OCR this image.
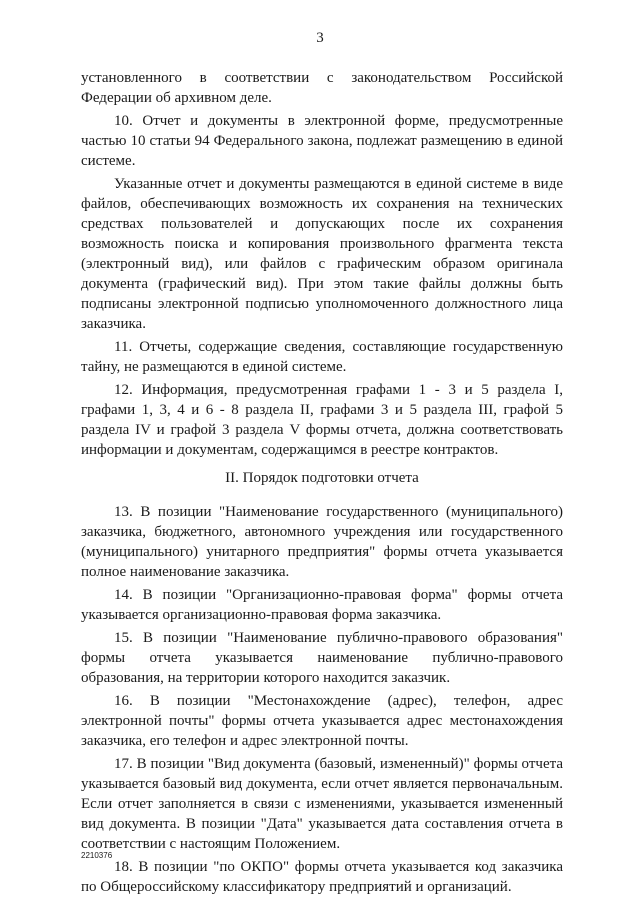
3

установленного в соответствии с законодательством Российской Федерации об архивном деле.

10. Отчет и документы в электронной форме, предусмотренные частью 10 статьи 94 Федерального закона, подлежат размещению в единой системе.

Указанные отчет и документы размещаются в единой системе в виде файлов, обеспечивающих возможность их сохранения на технических средствах пользователей и допускающих после их сохранения возможность поиска и копирования произвольного фрагмента текста (электронный вид), или файлов с графическим образом оригинала документа (графический вид). При этом такие файлы должны быть подписаны электронной подписью уполномоченного должностного лица заказчика.

11. Отчеты, содержащие сведения, составляющие государственную тайну, не размещаются в единой системе.

12. Информация, предусмотренная графами 1 - 3 и 5 раздела I, графами 1, 3, 4 и 6 - 8 раздела II, графами 3 и 5 раздела III, графой 5 раздела IV и графой 3 раздела V формы отчета, должна соответствовать информации и документам, содержащимся в реестре контрактов.

II. Порядок подготовки отчета

13. В позиции "Наименование государственного (муниципального) заказчика, бюджетного, автономного учреждения или государственного (муниципального) унитарного предприятия" формы отчета указывается полное наименование заказчика.

14. В позиции "Организационно-правовая форма" формы отчета указывается организационно-правовая форма заказчика.

15. В позиции "Наименование публично-правового образования" формы отчета указывается наименование публично-правового образования, на территории которого находится заказчик.

16. В позиции "Местонахождение (адрес), телефон, адрес электронной почты" формы отчета указывается адрес местонахождения заказчика, его телефон и адрес электронной почты.

17. В позиции "Вид документа (базовый, измененный)" формы отчета указывается базовый вид документа, если отчет является первоначальным. Если отчет заполняется в связи с изменениями, указывается измененный вид документа. В позиции "Дата" указывается дата составления отчета в соответствии с настоящим Положением.

18. В позиции "по ОКПО" формы отчета указывается код заказчика по Общероссийскому классификатору предприятий и организаций.

2210376
